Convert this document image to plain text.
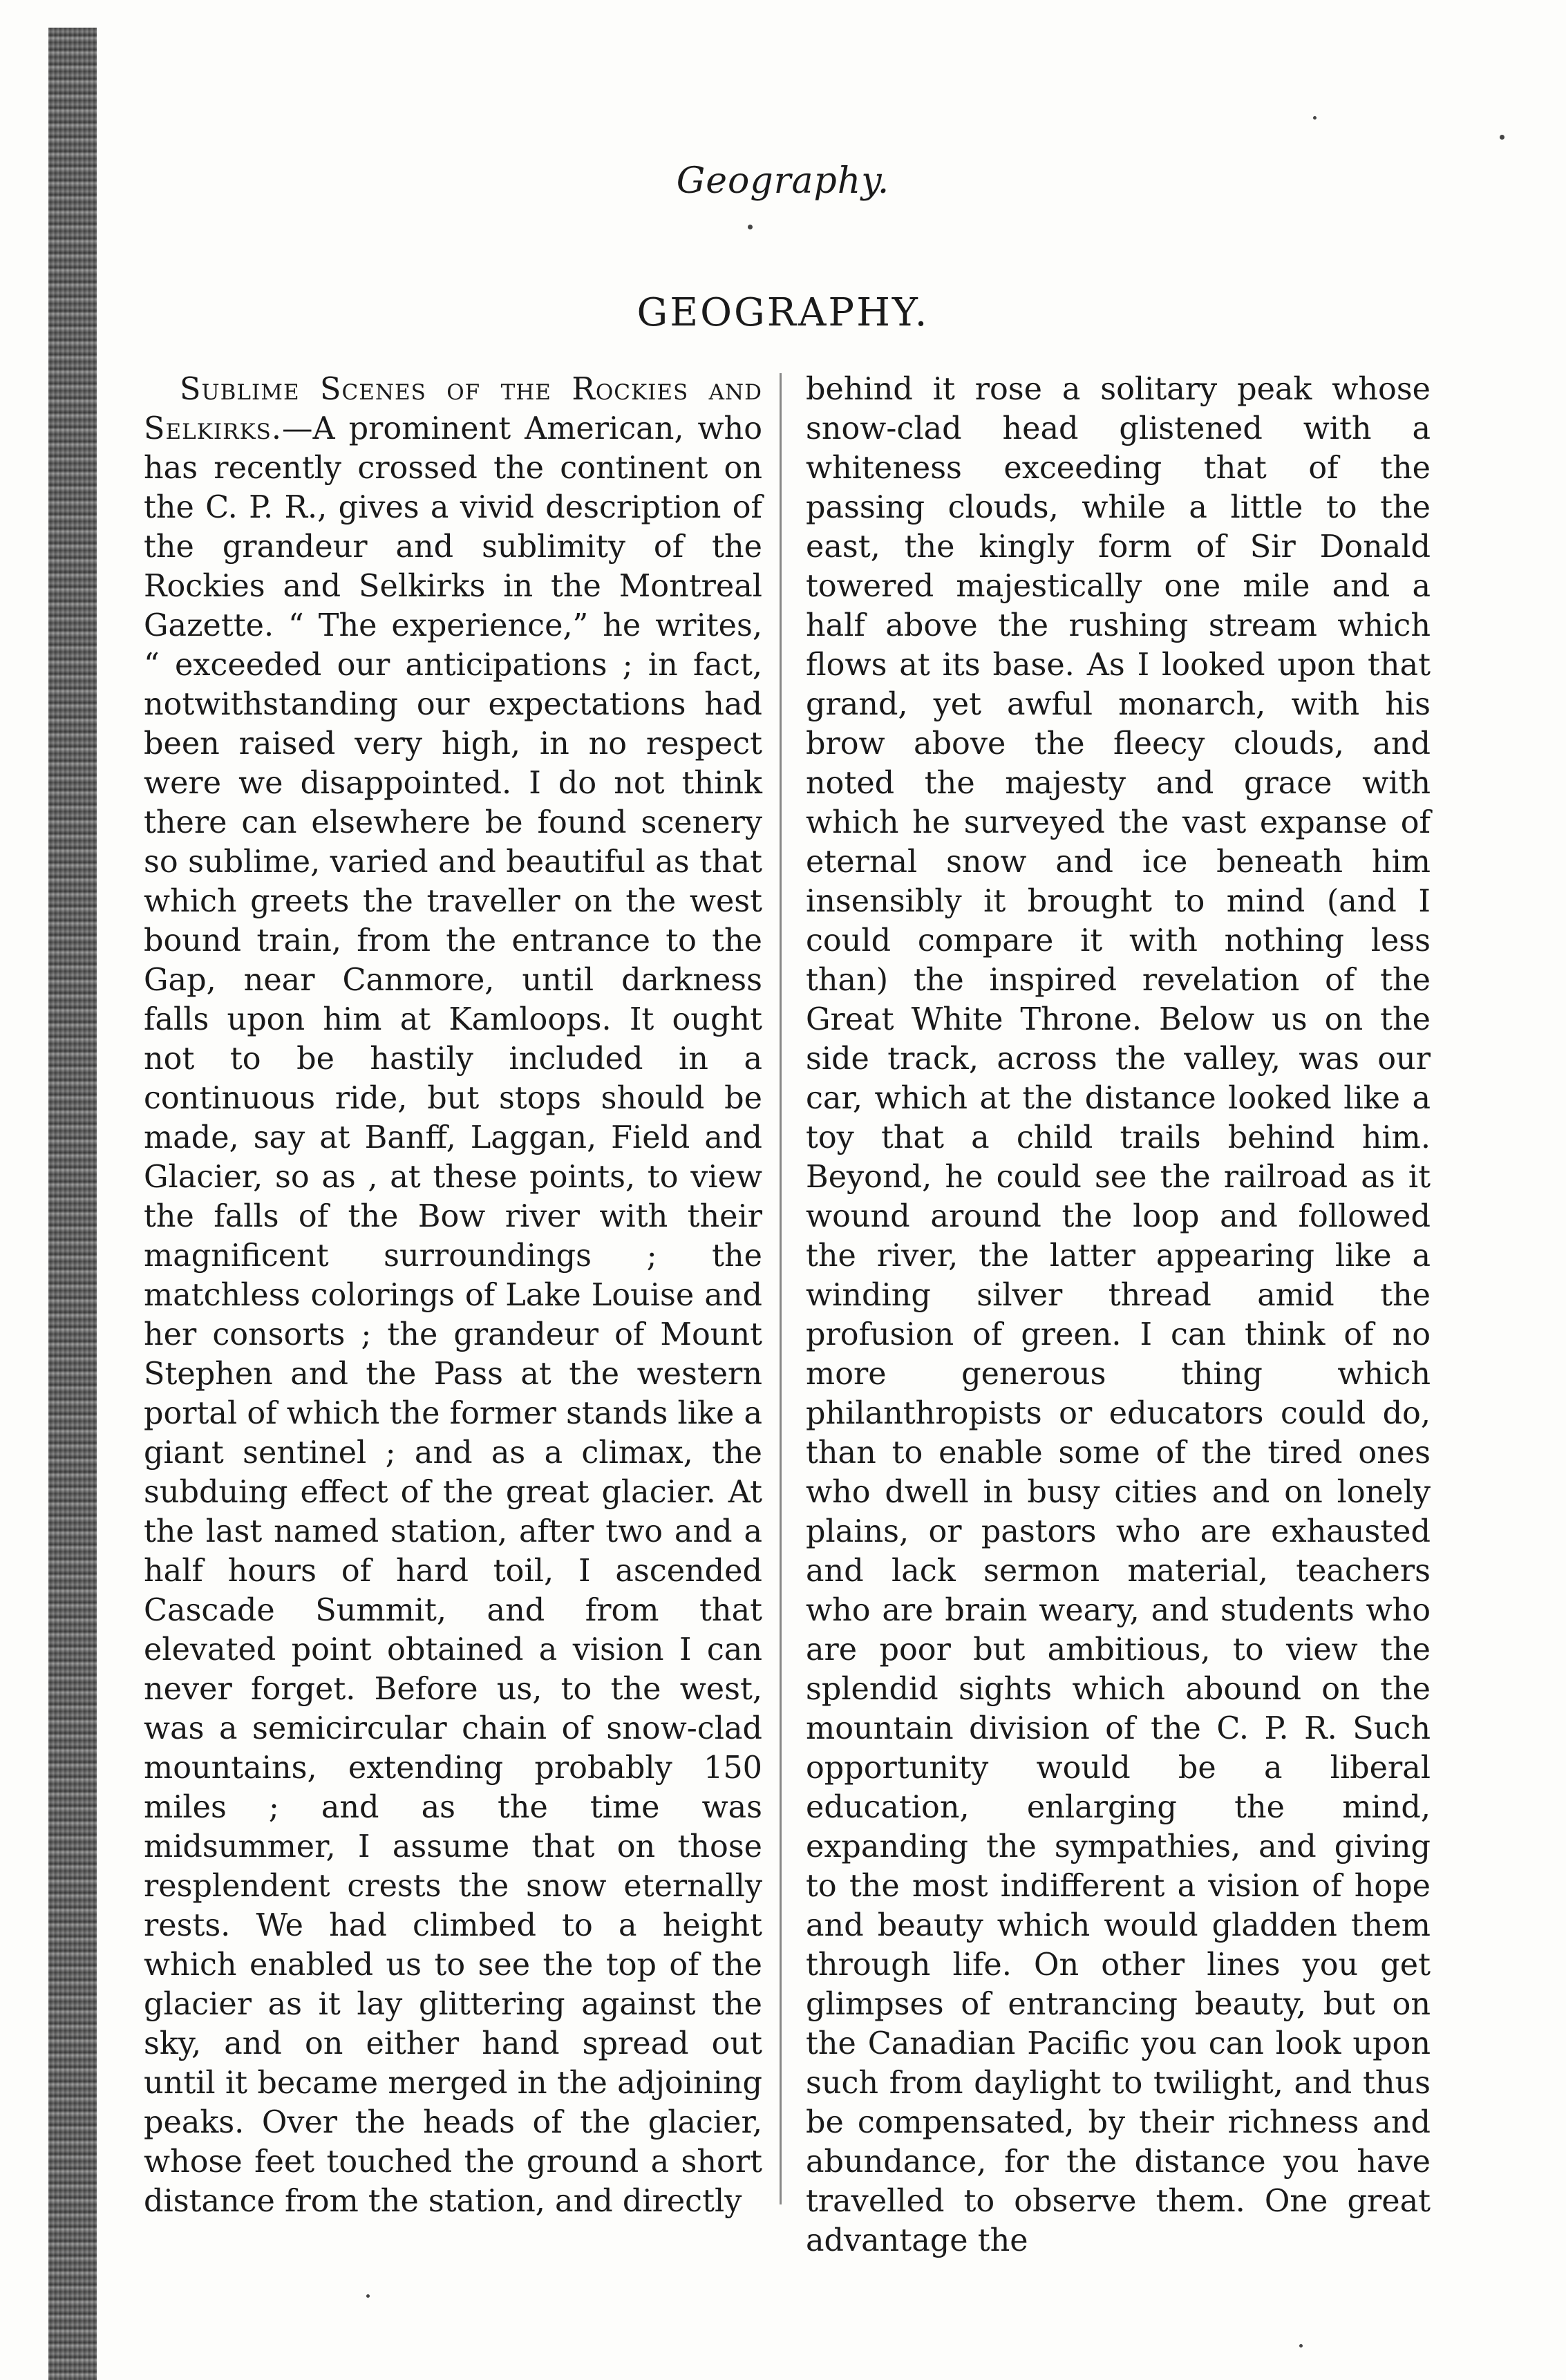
Geography.
GEOGRAPHY.
Sublime Scenes of the Rockies and Selkirks.—A prominent American, who has recently crossed the continent on the C. P. R., gives a vivid description of the grandeur and sublimity of the Rockies and Selkirks in the Montreal Gazette. “ The experience,” he writes, “ exceeded our anticipations ; in fact, notwithstanding our expectations had been raised very high, in no respect were we disappointed. I do not think there can elsewhere be found scenery so sublime, varied and beautiful as that which greets the traveller on the west bound train, from the entrance to the Gap, near Canmore, until darkness falls upon him at Kamloops. It ought not to be hastily included in a continuous ride, but stops should be made, say at Banff, Laggan, Field and Glacier, so as , at these points, to view the falls of the Bow river with their magnificent surroundings ; the matchless colorings of Lake Louise and her consorts ; the grandeur of Mount Stephen and the Pass at the western portal of which the former stands like a giant sentinel ; and as a climax, the subduing effect of the great glacier. At the last named station, after two and a half hours of hard toil, I ascended Cascade Summit, and from that elevated point obtained a vision I can never forget. Before us, to the west, was a semicircular chain of snow-clad mountains, extending probably 150 miles ; and as the time was midsummer, I assume that on those resplendent crests the snow eternally rests. We had climbed to a height which enabled us to see the top of the glacier as it lay glittering against the sky, and on either hand spread out until it became merged in the adjoining peaks. Over the heads of the glacier, whose feet touched the ground a short distance from the station, and directly
behind it rose a solitary peak whose snow-clad head glistened with a whiteness exceeding that of the passing clouds, while a little to the east, the kingly form of Sir Donald towered majestically one mile and a half above the rushing stream which flows at its base. As I looked upon that grand, yet awful monarch, with his brow above the fleecy clouds, and noted the majesty and grace with which he surveyed the vast expanse of eternal snow and ice beneath him insensibly it brought to mind (and I could compare it with nothing less than) the inspired revelation of the Great White Throne. Below us on the side track, across the valley, was our car, which at the distance looked like a toy that a child trails behind him. Beyond, he could see the railroad as it wound around the loop and followed the river, the latter appearing like a winding silver thread amid the profusion of green. I can think of no more generous thing which philanthropists or educators could do, than to enable some of the tired ones who dwell in busy cities and on lonely plains, or pastors who are exhausted and lack sermon material, teachers who are brain weary, and students who are poor but ambitious, to view the splendid sights which abound on the mountain division of the C. P. R. Such opportunity would be a liberal education, enlarging the mind, expanding the sympathies, and giving to the most indifferent a vision of hope and beauty which would gladden them through life. On other lines you get glimpses of entrancing beauty, but on the Canadian Pacific you can look upon such from daylight to twilight, and thus be compensated, by their richness and abundance, for the distance you have travelled to observe them. One great advantage the
